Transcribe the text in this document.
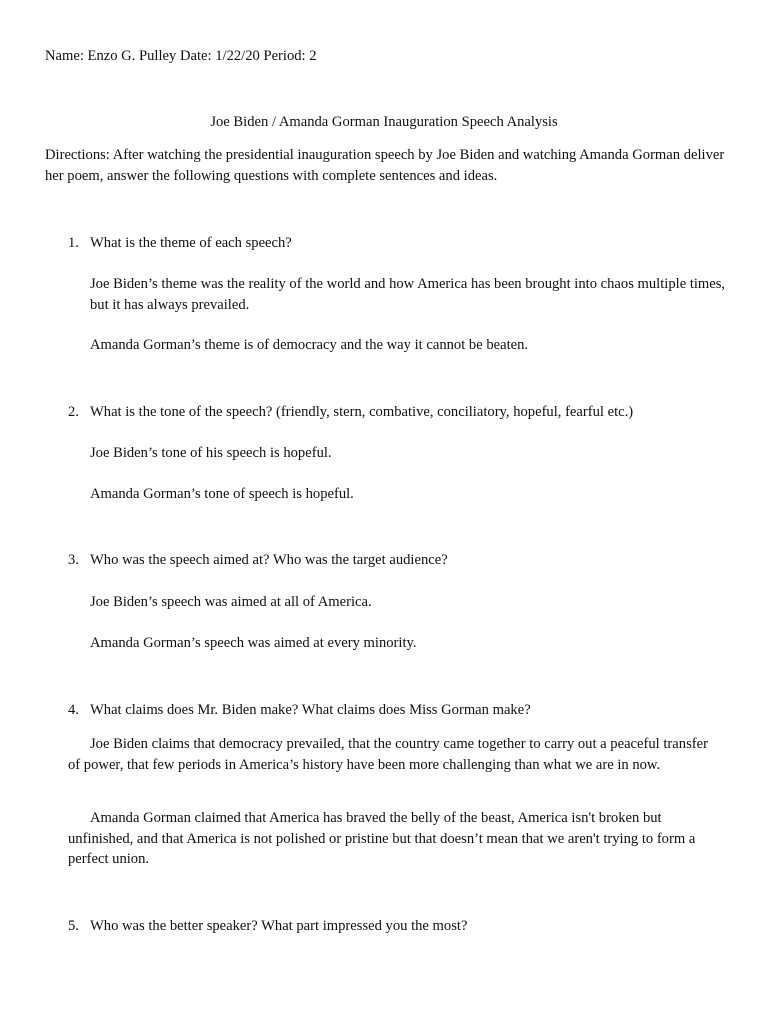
Name: Enzo G. Pulley Date: 1/22/20 Period: 2
Joe Biden / Amanda Gorman Inauguration Speech Analysis
Directions: After watching the presidential inauguration speech by Joe Biden and watching Amanda Gorman deliver her poem, answer the following questions with complete sentences and ideas.
1. What is the theme of each speech?
Joe Biden’s theme was the reality of the world and how America has been brought into chaos multiple times, but it has always prevailed.
Amanda Gorman’s theme is of democracy and the way it cannot be beaten.
2. What is the tone of the speech? (friendly, stern, combative, conciliatory, hopeful, fearful etc.)
Joe Biden’s tone of his speech is hopeful.
Amanda Gorman’s tone of speech is hopeful.
3. Who was the speech aimed at? Who was the target audience?
Joe Biden’s speech was aimed at all of America.
Amanda Gorman’s speech was aimed at every minority.
4. What claims does Mr. Biden make? What claims does Miss Gorman make?
Joe Biden claims that democracy prevailed, that the country came together to carry out a peaceful transfer of power, that few periods in America’s history have been more challenging than what we are in now.
Amanda Gorman claimed that America has braved the belly of the beast, America isn't broken but unfinished, and that America is not polished or pristine but that doesn’t mean that we aren't trying to form a perfect union.
5. Who was the better speaker? What part impressed you the most?
